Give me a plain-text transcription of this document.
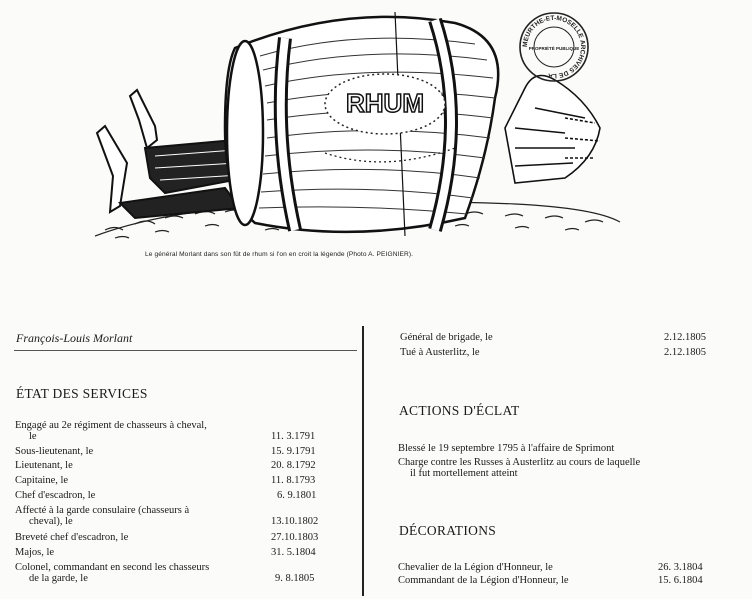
RHUM
MEURTHE-ET-MOSELLE ARCHIVES DE LA
PROPRIÉTÉ PUBLIQUE
Le général Morlant dans son fût de rhum si l'on en croit la légende (Photo A. PEIGNIER).
François-Louis Morlant
ÉTAT DES SERVICES
Engagé au 2e régiment de chasseurs à cheval,
le	11. 3.1791
Sous-lieutenant, le	15. 9.1791
Lieutenant, le	20. 8.1792
Capitaine, le	11. 8.1793
Chef d'escadron, le	6. 9.1801
Affecté à la garde consulaire (chasseurs à
cheval), le	13.10.1802
Breveté chef d'escadron, le	27.10.1803
Majos, le	31. 5.1804
Colonel, commandant en second les chasseurs
de la garde, le	9. 8.1805
Général de brigade, le	2.12.1805
Tué à Austerlitz, le	2.12.1805
ACTIONS D'ÉCLAT
Blessé le 19 septembre 1795 à l'affaire de Sprimont
Charge contre les Russes à Austerlitz au cours de laquelle
il fut mortellement atteint
DÉCORATIONS
Chevalier de la Légion d'Honneur, le	26. 3.1804
Commandant de la Légion d'Honneur, le	15. 6.1804
